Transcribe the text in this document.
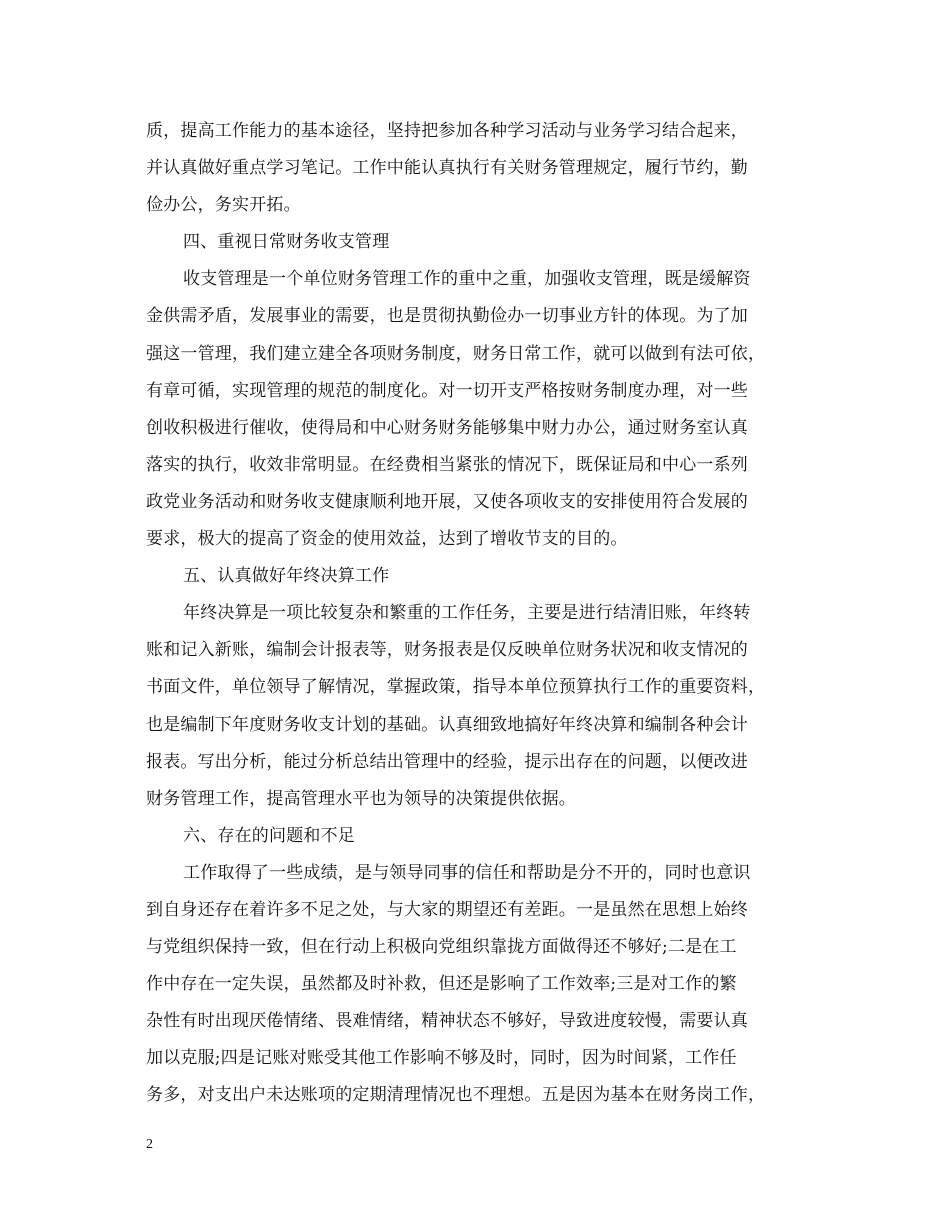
质，提高工作能力的基本途径，坚持把参加各种学习活动与业务学习结合起来，
并认真做好重点学习笔记。工作中能认真执行有关财务管理规定，履行节约，勤
俭办公，务实开拓。
四、重视日常财务收支管理
收支管理是一个单位财务管理工作的重中之重，加强收支管理，既是缓解资
金供需矛盾，发展事业的需要，也是贯彻执勤俭办一切事业方针的体现。为了加
强这一管理，我们建立建全各项财务制度，财务日常工作，就可以做到有法可依，
有章可循，实现管理的规范的制度化。对一切开支严格按财务制度办理，对一些
创收积极进行催收，使得局和中心财务财务能够集中财力办公，通过财务室认真
落实的执行，收效非常明显。在经费相当紧张的情况下，既保证局和中心一系列
政党业务活动和财务收支健康顺利地开展，又使各项收支的安排使用符合发展的
要求，极大的提高了资金的使用效益，达到了增收节支的目的。
五、认真做好年终决算工作
年终决算是一项比较复杂和繁重的工作任务，主要是进行结清旧账，年终转
账和记入新账，编制会计报表等，财务报表是仅反映单位财务状况和收支情况的
书面文件，单位领导了解情况，掌握政策，指导本单位预算执行工作的重要资料，
也是编制下年度财务收支计划的基础。认真细致地搞好年终决算和编制各种会计
报表。写出分析，能过分析总结出管理中的经验，提示出存在的问题，以便改进
财务管理工作，提高管理水平也为领导的决策提供依据。
六、存在的问题和不足
工作取得了一些成绩，是与领导同事的信任和帮助是分不开的，同时也意识
到自身还存在着许多不足之处，与大家的期望还有差距。一是虽然在思想上始终
与党组织保持一致，但在行动上积极向党组织靠拢方面做得还不够好;二是在工
作中存在一定失误，虽然都及时补救，但还是影响了工作效率;三是对工作的繁
杂性有时出现厌倦情绪、畏难情绪，精神状态不够好，导致进度较慢，需要认真
加以克服;四是记账对账受其他工作影响不够及时，同时，因为时间紧，工作任
务多，对支出户未达账项的定期清理情况也不理想。五是因为基本在财务岗工作，
2
